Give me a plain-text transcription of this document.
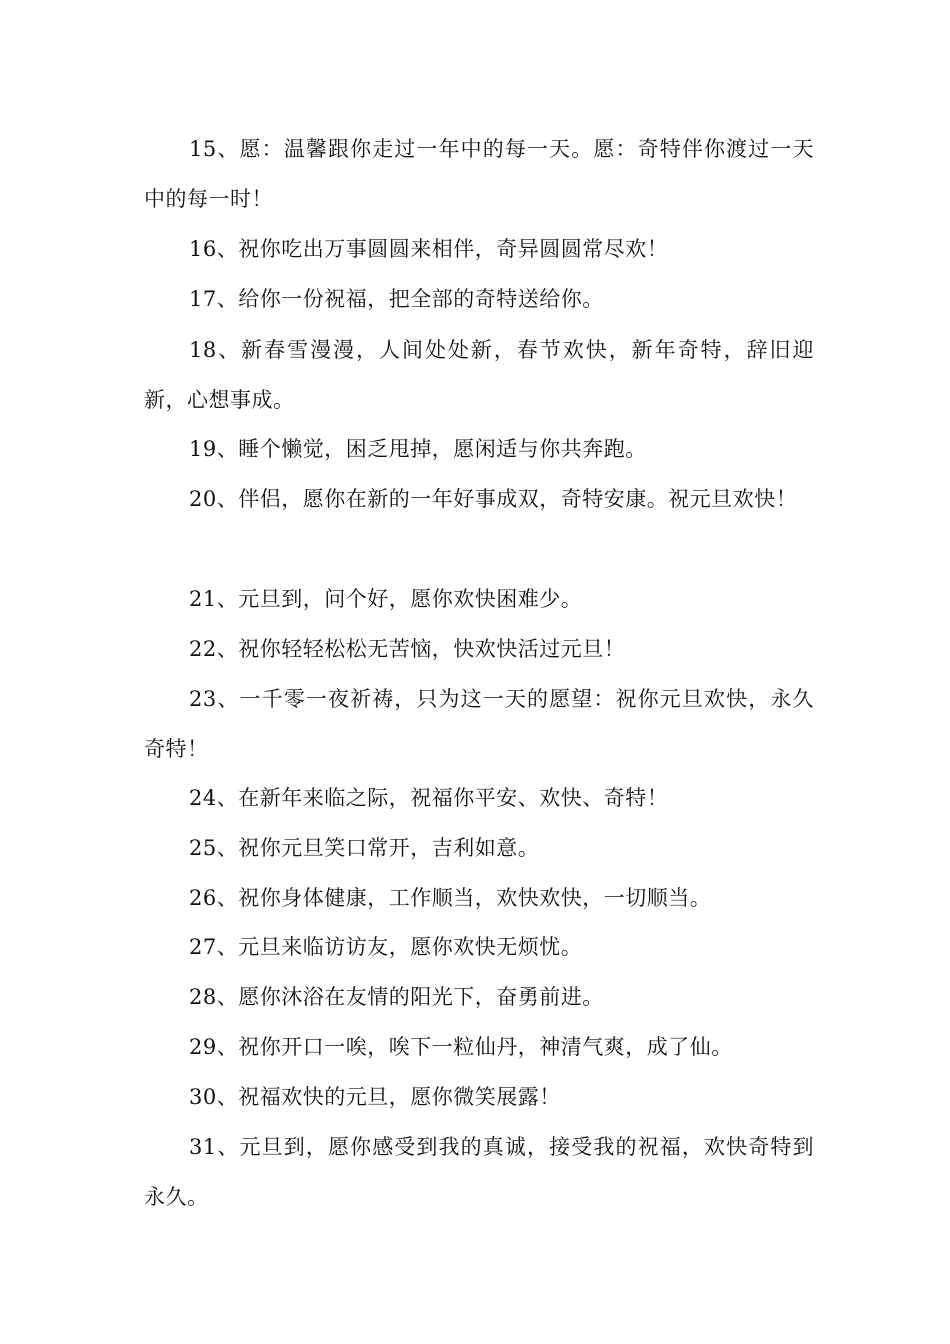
15、愿：温馨跟你走过一年中的每一天。愿：奇特伴你渡过一天中的每一时！

16、祝你吃出万事圆圆来相伴，奇异圆圆常尽欢！

17、给你一份祝福，把全部的奇特送给你。

18、新春雪漫漫，人间处处新，春节欢快，新年奇特，辞旧迎新，心想事成。

19、睡个懒觉，困乏甩掉，愿闲适与你共奔跑。

20、伴侣，愿你在新的一年好事成双，奇特安康。祝元旦欢快！

21、元旦到，问个好，愿你欢快困难少。

22、祝你轻轻松松无苦恼，快欢快活过元旦！

23、一千零一夜祈祷，只为这一天的愿望：祝你元旦欢快，永久奇特！

24、在新年来临之际，祝福你平安、欢快、奇特！

25、祝你元旦笑口常开，吉利如意。

26、祝你身体健康，工作顺当，欢快欢快，一切顺当。

27、元旦来临访访友，愿你欢快无烦忧。

28、愿你沐浴在友情的阳光下，奋勇前进。

29、祝你开口一唉，唉下一粒仙丹，神清气爽，成了仙。

30、祝福欢快的元旦，愿你微笑展露！

31、元旦到，愿你感受到我的真诚，接受我的祝福，欢快奇特到永久。
